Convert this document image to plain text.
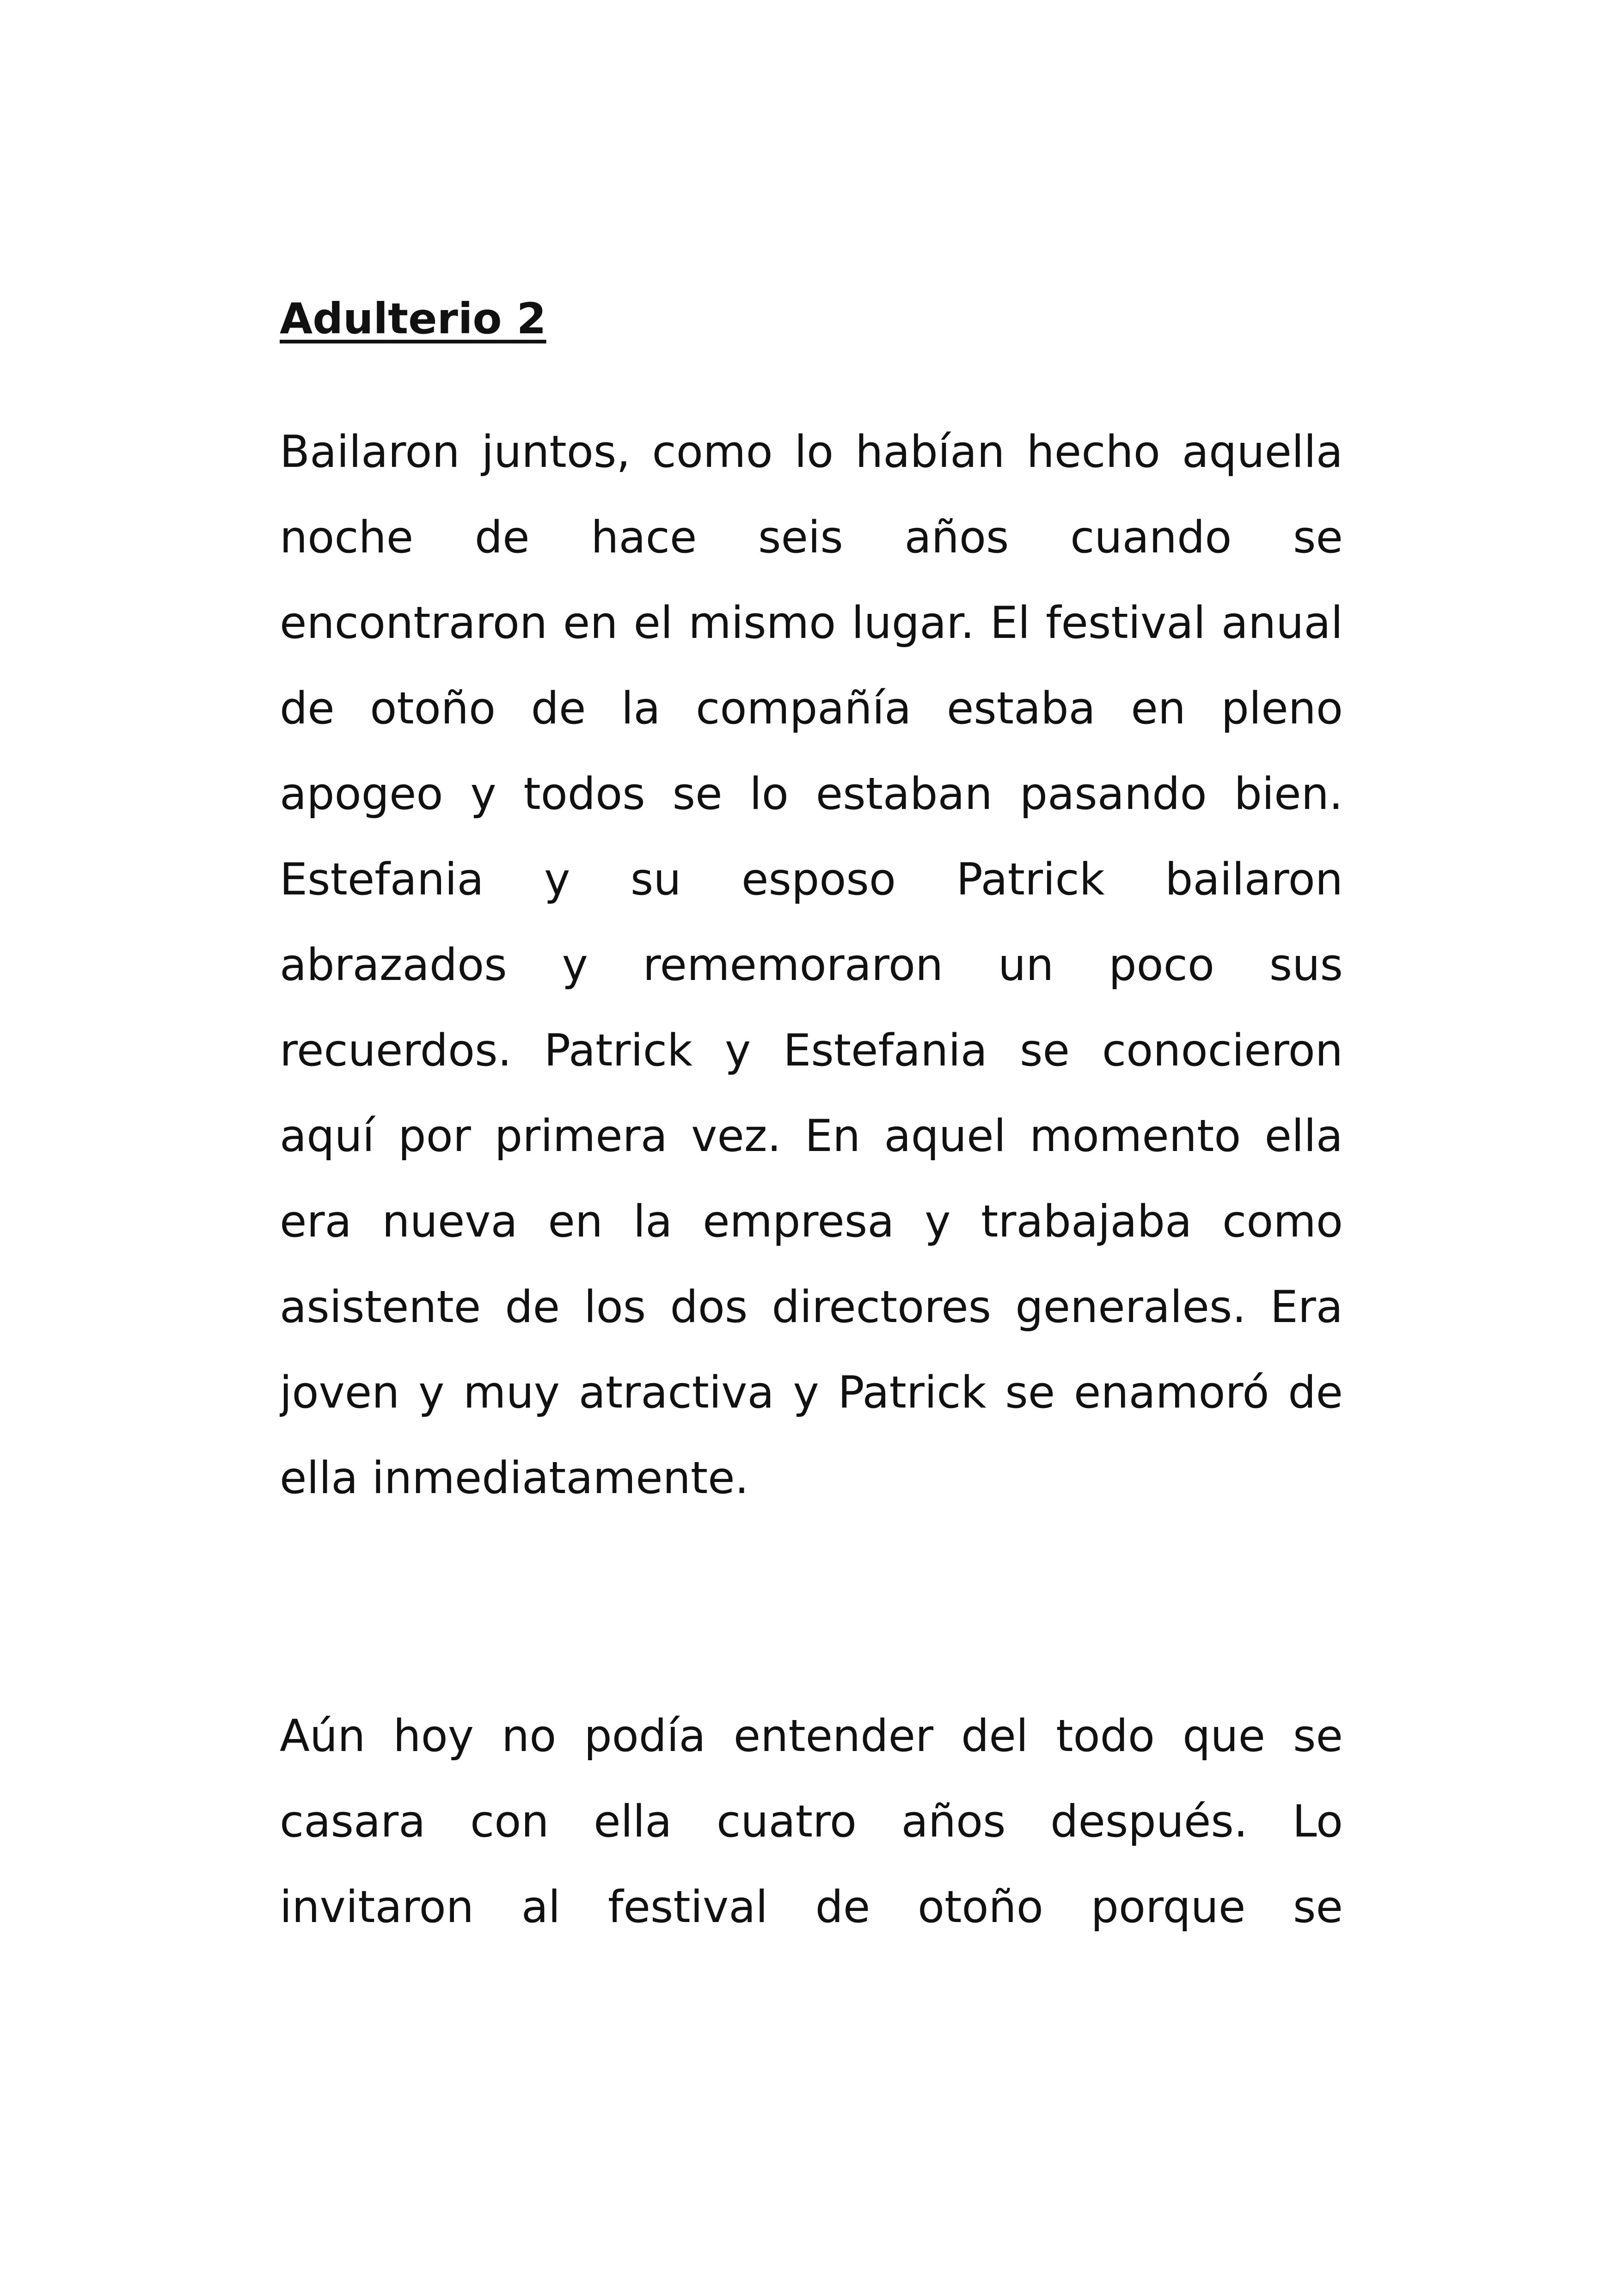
Adulterio 2
Bailaron juntos, como lo habían hecho aquella
noche de hace seis años cuando se
encontraron en el mismo lugar. El festival anual
de otoño de la compañía estaba en pleno
apogeo y todos se lo estaban pasando bien.
Estefania y su esposo Patrick bailaron
abrazados y rememoraron un poco sus
recuerdos. Patrick y Estefania se conocieron
aquí por primera vez. En aquel momento ella
era nueva en la empresa y trabajaba como
asistente de los dos directores generales. Era
joven y muy atractiva y Patrick se enamoró de
ella inmediatamente.
Aún hoy no podía entender del todo que se
casara con ella cuatro años después. Lo
invitaron al festival de otoño porque se
